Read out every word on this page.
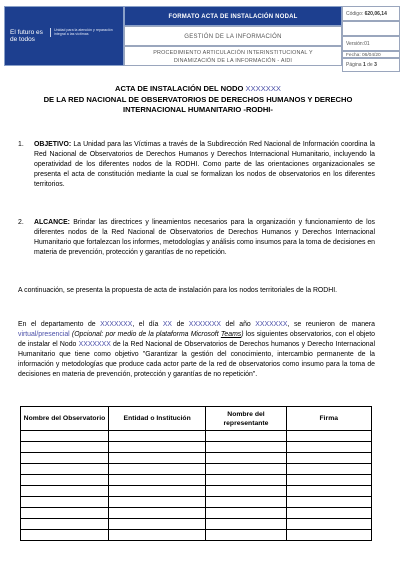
El futuro es de todos
Unidad para la atención y reparación integral a las víctimas
FORMATO ACTA DE INSTALACIÓN NODAL
GESTIÓN DE LA INFORMACIÓN
PROCEDIMIENTO ARTICULACIÓN INTERINSTITUCIONAL Y
DINAMIZACIÓN DE LA INFORMACIÓN - AIDI
Código: 620,06,14
Versión:01
Fecha: 06/04/20
Página 1 de 3
ACTA DE INSTALACIÓN DEL NODO XXXXXXX
DE LA RED NACIONAL DE OBSERVATORIOS DE DERECHOS HUMANOS Y DERECHO
INTERNACIONAL HUMANITARIO -RODHI-
1.	OBJETIVO: La Unidad para las Víctimas a través de la Subdirección Red Nacional de Información coordina la Red Nacional de Observatorios de Derechos Humanos y Derechos Internacional Humanitario, incluyendo la operatividad de los diferentes nodos de la RODHI. Como parte de las orientaciones organizacionales se presenta el acta de constitución mediante la cual se formalizan los nodos de observatorios en los diferentes territorios.

2.	ALCANCE: Brindar las directrices y lineamientos necesarios para la organización y funcionamiento de los diferentes nodos de la Red Nacional de Observatorios de Derechos Humanos y Derechos Internacional Humanitario que fortalezcan los informes, metodologías y análisis como insumos para la toma de decisiones en materia de prevención, protección y garantías de no repetición.

A continuación, se presenta la propuesta de acta de instalación para los nodos territoriales de la RODHI.

En el departamento de XXXXXXX, el día XX de XXXXXXX del año XXXXXXX, se reunieron de manera virtual/presencial (Opcional: por medio de la plataforma Microsoft Teams) los siguientes observatorios, con el objeto de instalar el Nodo XXXXXXX de la Red Nacional de Observatorios de Derechos humanos y Derecho Internacional Humanitario que tiene como objetivo "Garantizar la gestión del conocimiento, intercambio permanente de la información y metodologías que produce cada actor parte de la red de observatorios como insumo para la toma de decisiones en materia de prevención, protección y garantías de no repetición".

Nombre del Observatorio	Entidad o Institución	Nombre del representante	Firma
